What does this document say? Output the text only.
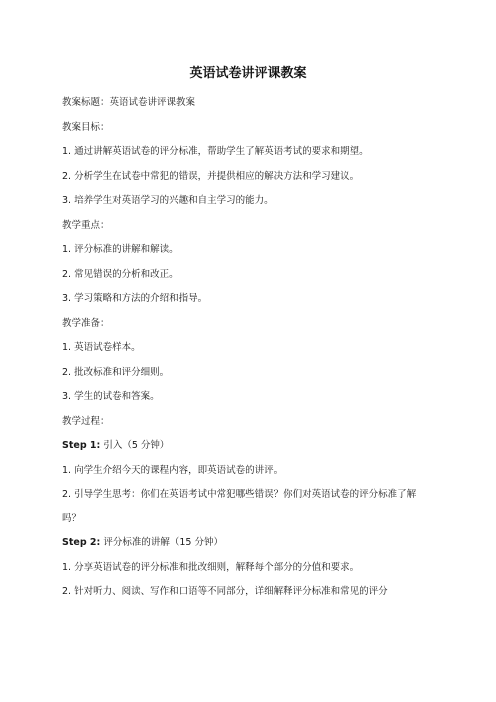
英语试卷讲评课教案

教案标题：英语试卷讲评课教案

教案目标：

1. 通过讲解英语试卷的评分标准，帮助学生了解英语考试的要求和期望。

2. 分析学生在试卷中常犯的错误，并提供相应的解决方法和学习建议。

3. 培养学生对英语学习的兴趣和自主学习的能力。

教学重点：

1. 评分标准的讲解和解读。

2. 常见错误的分析和改正。

3. 学习策略和方法的介绍和指导。

教学准备：

1. 英语试卷样本。

2. 批改标准和评分细则。

3. 学生的试卷和答案。

教学过程：

Step 1: 引入（5 分钟）

1. 向学生介绍今天的课程内容，即英语试卷的讲评。

2. 引导学生思考：你们在英语考试中常犯哪些错误？你们对英语试卷的评分标准了解吗？

Step 2: 评分标准的讲解（15 分钟）

1. 分享英语试卷的评分标准和批改细则，解释每个部分的分值和要求。

2. 针对听力、阅读、写作和口语等不同部分，详细解释评分标准和常见的评分
